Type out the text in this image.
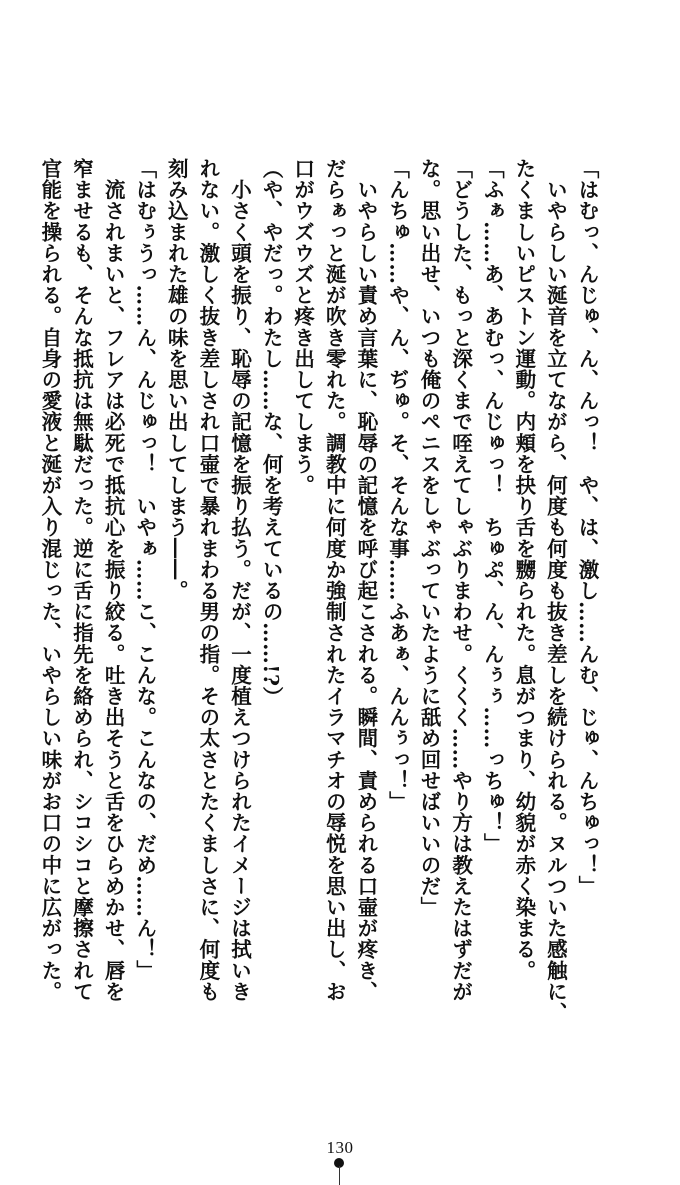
「はむっ、んじゅ、ん、んっ！　や、は、激し……んむ、じゅ、んちゅっ！」
　いやらしい涎音を立てながら、何度も何度も抜き差しを続けられる。ヌルついた感触に、
たくましいピストン運動。内頬を抉り舌を嬲られた。息がつまり、幼貌が赤く染まる。
「ふぁ……あ、あむっ、んじゅっ！　ちゅぷ、ん、んぅぅ……っちゅ！」
「どうした、もっと深くまで咥えてしゃぶりまわせ。くくく……やり方は教えたはずだが
な。思い出せ、いつも俺のペニスをしゃぶっていたように舐め回せばいいのだ」
「んちゅ……や、ん、ぢゅ。そ、そんな事……ふあぁ、んんぅっ！」
　いやらしい責め言葉に、恥辱の記憶を呼び起こされる。瞬間、責められる口壷が疼き、
だらぁっと涎が吹き零れた。調教中に何度か強制されたイラマチオの辱悦を思い出し、お
口がウズウズと疼き出してしまう。
（や、やだっ。わたし……な、何を考えているの……!?）
　小さく頭を振り、恥辱の記憶を振り払う。だが、一度植えつけられたイメージは拭いき
れない。激しく抜き差しされ口壷で暴れまわる男の指。その太さとたくましさに、何度も
刻み込まれた雄の味を思い出してしまう――。
「はむぅうっ……ん、んじゅっ！　いやぁ……こ、こんな。こんなの、だめ……ん！」
　流されまいと、フレアは必死で抵抗心を振り絞る。吐き出そうと舌をひらめかせ、唇を
窄ませるも、そんな抵抗は無駄だった。逆に舌に指先を絡められ、シコシコと摩擦されて
官能を操られる。自身の愛液と涎が入り混じった、いやらしい味がお口の中に広がった。
130
